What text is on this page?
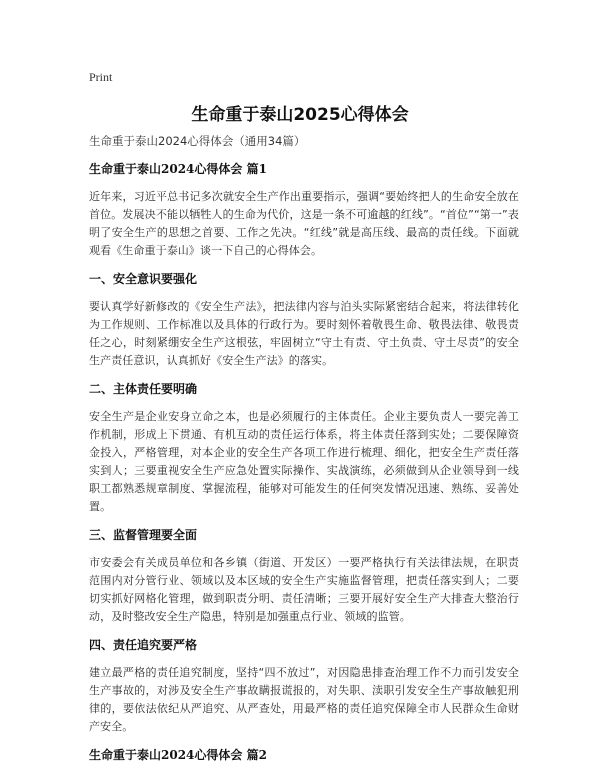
Print
生命重于泰山2025心得体会

生命重于泰山2024心得体会（通用34篇）

生命重于泰山2024心得体会 篇1

近年来，习近平总书记多次就安全生产作出重要指示，强调“要始终把人的生命安全放在首位。发展决不能以牺牲人的生命为代价，这是一条不可逾越的红线”。“首位”“第一”表明了安全生产的思想之首要、工作之先决。“红线”就是高压线、最高的责任线。下面就观看《生命重于泰山》谈一下自己的心得体会。

一、安全意识要强化

要认真学好新修改的《安全生产法》，把法律内容与泊头实际紧密结合起来，将法律转化为工作规则、工作标准以及具体的行政行为。要时刻怀着敬畏生命、敬畏法律、敬畏责任之心，时刻紧绷安全生产这根弦，牢固树立“守土有责、守土负责、守土尽责”的安全生产责任意识，认真抓好《安全生产法》的落实。

二、主体责任要明确

安全生产是企业安身立命之本，也是必须履行的主体责任。企业主要负责人一要完善工作机制，形成上下贯通、有机互动的责任运行体系，将主体责任落到实处；二要保障资金投入，严格管理，对本企业的安全生产各项工作进行梳理、细化，把安全生产责任落实到人；三要重视安全生产应急处置实际操作、实战演练，必须做到从企业领导到一线职工都熟悉规章制度、掌握流程，能够对可能发生的任何突发情况迅速、熟练、妥善处置。

三、监督管理要全面

市安委会有关成员单位和各乡镇（街道、开发区）一要严格执行有关法律法规，在职责范围内对分管行业、领域以及本区域的安全生产实施监督管理，把责任落实到人；二要切实抓好网格化管理，做到职责分明、责任清晰；三要开展好安全生产大排查大整治行动，及时整改安全生产隐患，特别是加强重点行业、领域的监管。

四、责任追究要严格

建立最严格的责任追究制度，坚持“四不放过”，对因隐患排查治理工作不力而引发安全生产事故的，对涉及安全生产事故瞒报谎报的，对失职、渎职引发安全生产事故触犯刑律的，要依法依纪从严追究、从严查处，用最严格的责任追究保障全市人民群众生命财产安全。

生命重于泰山2024心得体会 篇2
